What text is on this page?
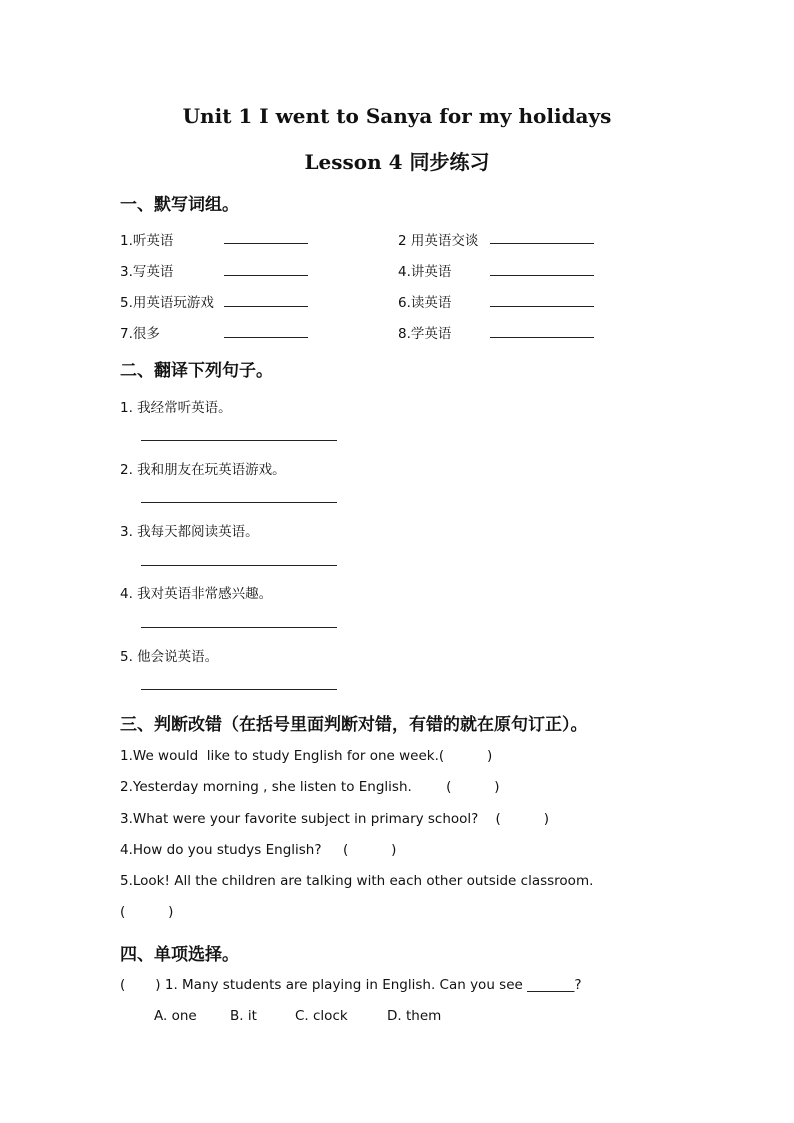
Unit 1 I went to Sanya for my holidays
Lesson 4 同步练习
一、默写词组。
1.听英语	2 用英语交谈
3.写英语	4.讲英语
5.用英语玩游戏	6.读英语
7.很多	8.学英语
二、翻译下列句子。
1. 我经常听英语。
2. 我和朋友在玩英语游戏。
3. 我每天都阅读英语。
4. 我对英语非常感兴趣。
5. 他会说英语。
三、判断改错（在括号里面判断对错，有错的就在原句订正）。
1.We would  like to study English for one week.(          )
2.Yesterday morning , she listen to English.        (          )
3.What were your favorite subject in primary school?    (          )
4.How do you studys English?     (          )
5.Look! All the children are talking with each other outside classroom.
(          )
四、单项选择。
(       ) 1. Many students are playing in English. Can you see _______?
A. one B. it	C. clock	D. them
